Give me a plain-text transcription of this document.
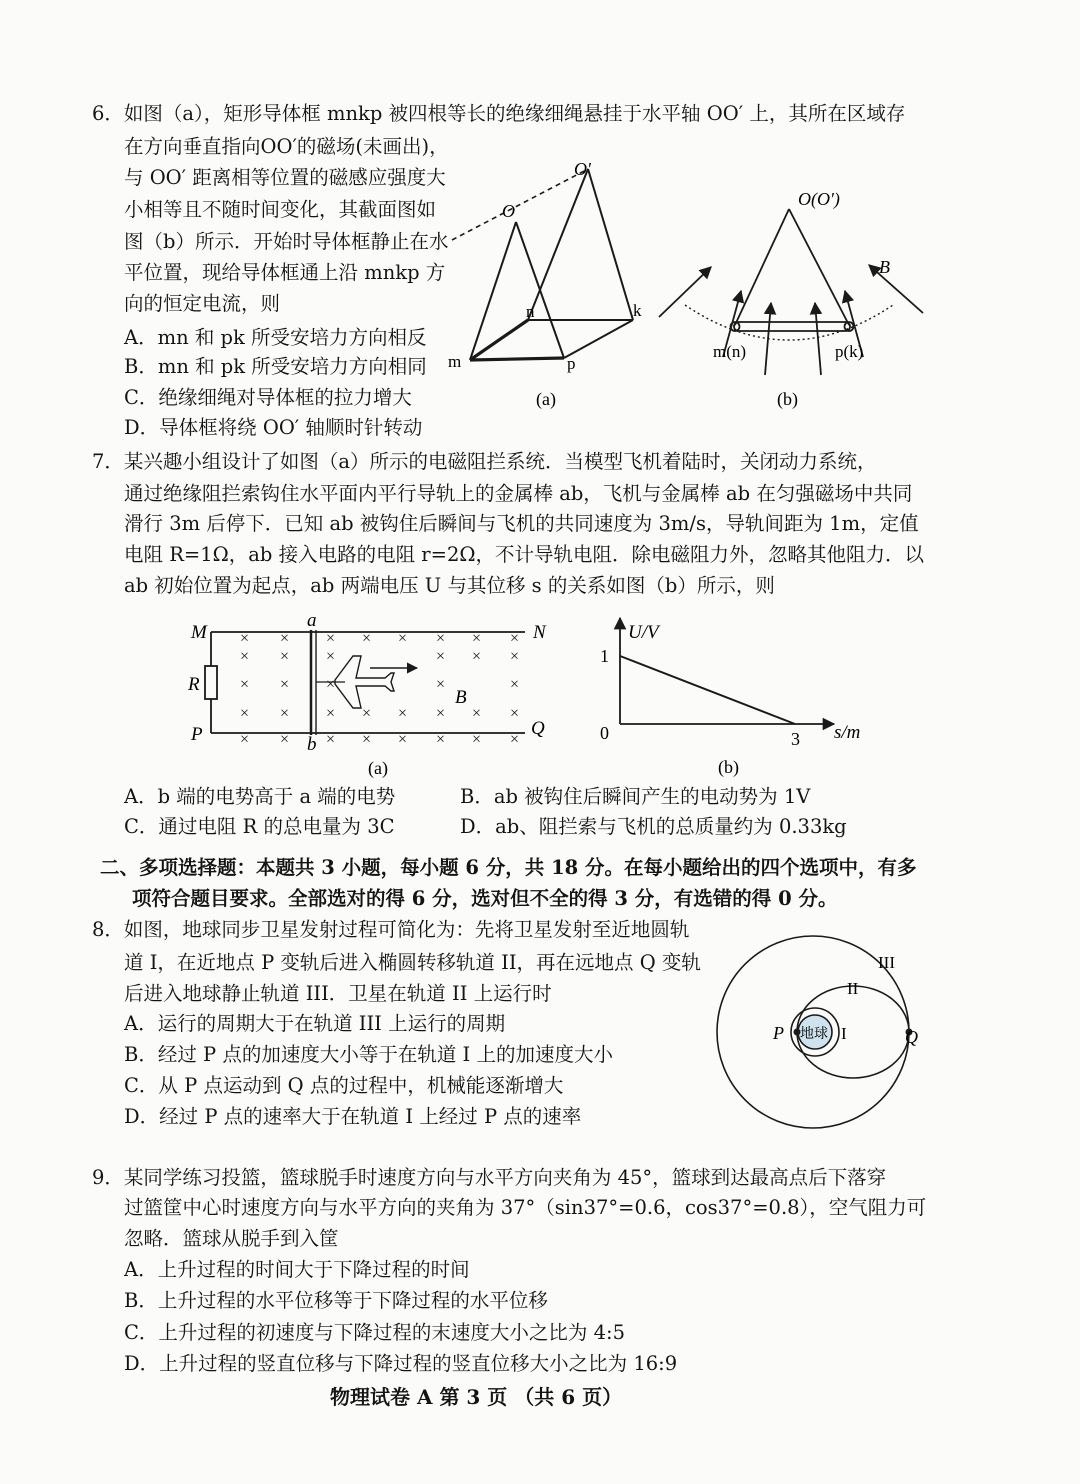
6．如图（a），矩形导体框 mnkp 被四根等长的绝缘细绳悬挂于水平轴 OO′ 上，其所在区域存
在方向垂直指向OO′的磁场(未画出)，
与 OO′ 距离相等位置的磁感应强度大
小相等且不随时间变化，其截面图如
图（b）所示．开始时导体框静止在水
平位置，现给导体框通上沿 mnkp 方
向的恒定电流，则
A．mn 和 pk 所受安培力方向相反
B．mn 和 pk 所受安培力方向相同
C．绝缘细绳对导体框的拉力增大
D．导体框将绕 OO′ 轴顺时针转动
O
O′
n	k
m	p
(a)
O(O′)
B
m(n)	p(k)
(b)
7．某兴趣小组设计了如图（a）所示的电磁阻拦系统．当模型飞机着陆时，关闭动力系统，
通过绝缘阻拦索钩住水平面内平行导轨上的金属棒 ab，飞机与金属棒 ab 在匀强磁场中共同
滑行 3m 后停下．已知 ab 被钩住后瞬间与飞机的共同速度为 3m/s，导轨间距为 1m，定值
电阻 R=1Ω，ab 接入电路的电阻 r=2Ω，不计导轨电阻．除电磁阻力外，忽略其他阻力．以
ab 初始位置为起点，ab 两端电压 U 与其位移 s 的关系如图（b）所示，则
× × × × × × × ×
× × ×	× × ×
× × ×	×	×
× × × × × × × ×
× × × × × × × ×
M	N
P	Q
R
a
b
B
(a)
U/V
s/m
0
1
3
(b)
A．b 端的电势高于 a 端的电势	B．ab 被钩住后瞬间产生的电动势为 1V
C．通过电阻 R 的总电量为 3C	D．ab、阻拦索与飞机的总质量约为 0.33kg
二、多项选择题：本题共 3 小题，每小题 6 分，共 18 分。在每小题给出的四个选项中，有多
项符合题目要求。全部选对的得 6 分，选对但不全的得 3 分，有选错的得 0 分。
8．如图，地球同步卫星发射过程可简化为：先将卫星发射至近地圆轨
道 I，在近地点 P 变轨后进入椭圆转移轨道 II，再在远地点 Q 变轨
后进入地球静止轨道 III．卫星在轨道 II 上运行时
A．运行的周期大于在轨道 III 上运行的周期
B．经过 P 点的加速度大小等于在轨道 I 上的加速度大小
C．从 P 点运动到 Q 点的过程中，机械能逐渐增大
D．经过 P 点的速率大于在轨道 I 上经过 P 点的速率
地球
III
II
I
P	Q
9．某同学练习投篮，篮球脱手时速度方向与水平方向夹角为 45°，篮球到达最高点后下落穿
过篮筐中心时速度方向与水平方向的夹角为 37°（sin37°=0.6，cos37°=0.8），空气阻力可
忽略．篮球从脱手到入筐
A．上升过程的时间大于下降过程的时间
B．上升过程的水平位移等于下降过程的水平位移
C．上升过程的初速度与下降过程的末速度大小之比为 4:5
D．上升过程的竖直位移与下降过程的竖直位移大小之比为 16:9
物理试卷 A 第 3 页 （共 6 页）
